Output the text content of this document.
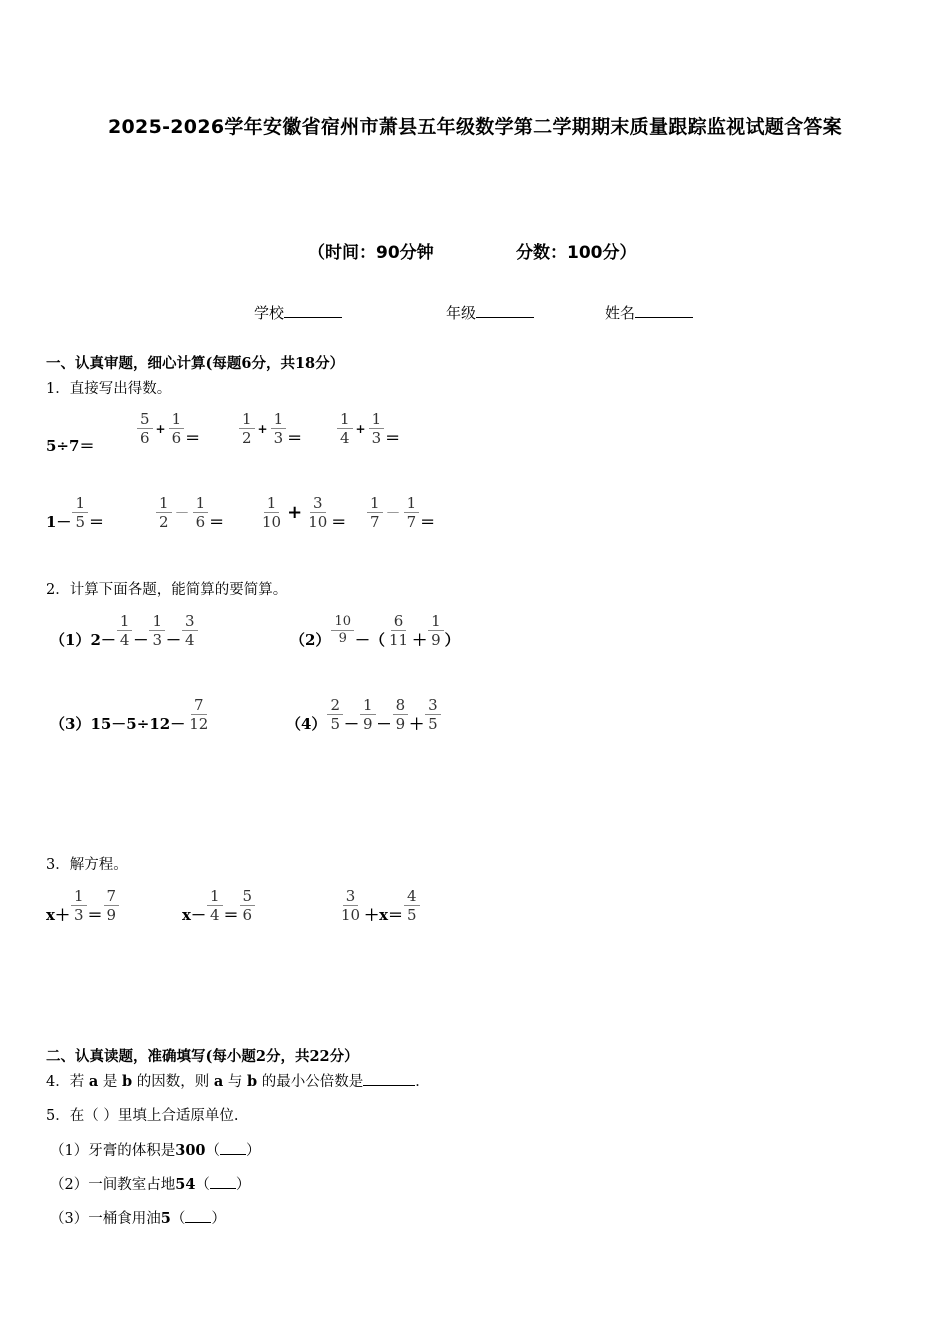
2025-2026学年安徽省宿州市萧县五年级数学第二学期期末质量跟踪监视试题含答案
（时间：90分钟	分数：100分）
学校	年级	姓名
一、认真审题，细心计算(每题6分，共18分）
1．直接写出得数。
5÷7＝	$\frac{5}{6} + \frac{1}{6}$ ＝	$\frac{1}{2} + \frac{1}{3} = \frac{1}{4} + \frac{1}{3}$ ＝
$1- \frac{1}{5}$ ＝	$\frac{1}{2} - \frac{1}{6} = \frac{1}{10} + \frac{3}{10} = \frac{1}{7} - \frac{1}{7}$ ＝
2．计算下面各题，能简算的要简算。
（1） $2- \frac{1}{4} - \frac{1}{3} - \frac{3}{4}$	$(2) \frac{10}{9}$ －（ $\frac{6}{11} + \frac{1}{9}$ ）
（3） $15-5\div 12- \frac{7}{12}$	$(4) \frac{2}{5} - \frac{1}{9} - \frac{8}{9} + \frac{3}{5}$
3．解方程。
$x+ \frac{1}{3} = \frac{7}{9}$	$x- \frac{1}{4} = \frac{5}{6}$	$\frac{3}{10} +x= \frac{4}{5}$
二、认真读题，准确填写(每小题2分，共22分）
4．若 a 是 b 的因数，则 a 与 b 的最小公倍数是	．
5．在（ ）里填上合适原单位.
（1）牙膏的体积是300（ ）
（2）一间教室占地54（ ）
（3）一桶食用油5（ ）
